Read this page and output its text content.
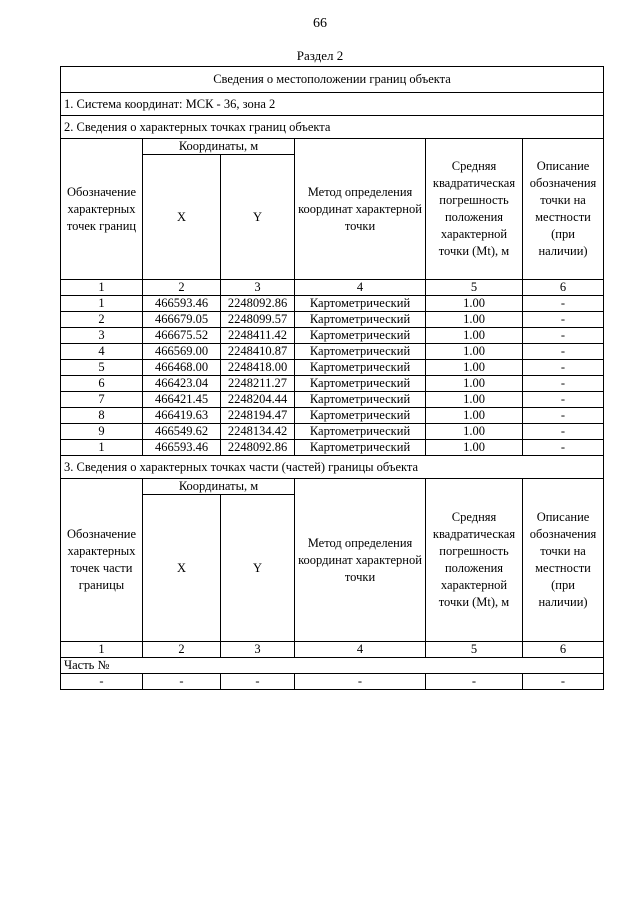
66
Раздел 2
Сведения о местоположении границ объекта					
1. Система координат: МСК - 36, зона 2					
2. Сведения о характерных точках границ объекта					
Обозначение характерных точек границ	Координаты, м		Метод определения координат характерной точки	Средняя квадратическая погрешность положения характерной точки (Mt), м	Описание обозначения точки на местности (при наличии)
	X	Y			
1	2	3	4	5	6
1	466593.46	2248092.86	Картометрический	1.00	-
2	466679.05	2248099.57	Картометрический	1.00	-
3	466675.52	2248411.42	Картометрический	1.00	-
4	466569.00	2248410.87	Картометрический	1.00	-
5	466468.00	2248418.00	Картометрический	1.00	-
6	466423.04	2248211.27	Картометрический	1.00	-
7	466421.45	2248204.44	Картометрический	1.00	-
8	466419.63	2248194.47	Картометрический	1.00	-
9	466549.62	2248134.42	Картометрический	1.00	-
1	466593.46	2248092.86	Картометрический	1.00	-
3. Сведения о характерных точках части (частей) границы объекта					
Обозначение характерных точек части границы	Координаты, м		Метод определения координат характерной точки	Средняя квадратическая погрешность положения характерной точки (Mt), м	Описание обозначения точки на местности (при наличии)
	X	Y			
1	2	3	4	5	6
Часть №					
-	-	-	-	-	-
